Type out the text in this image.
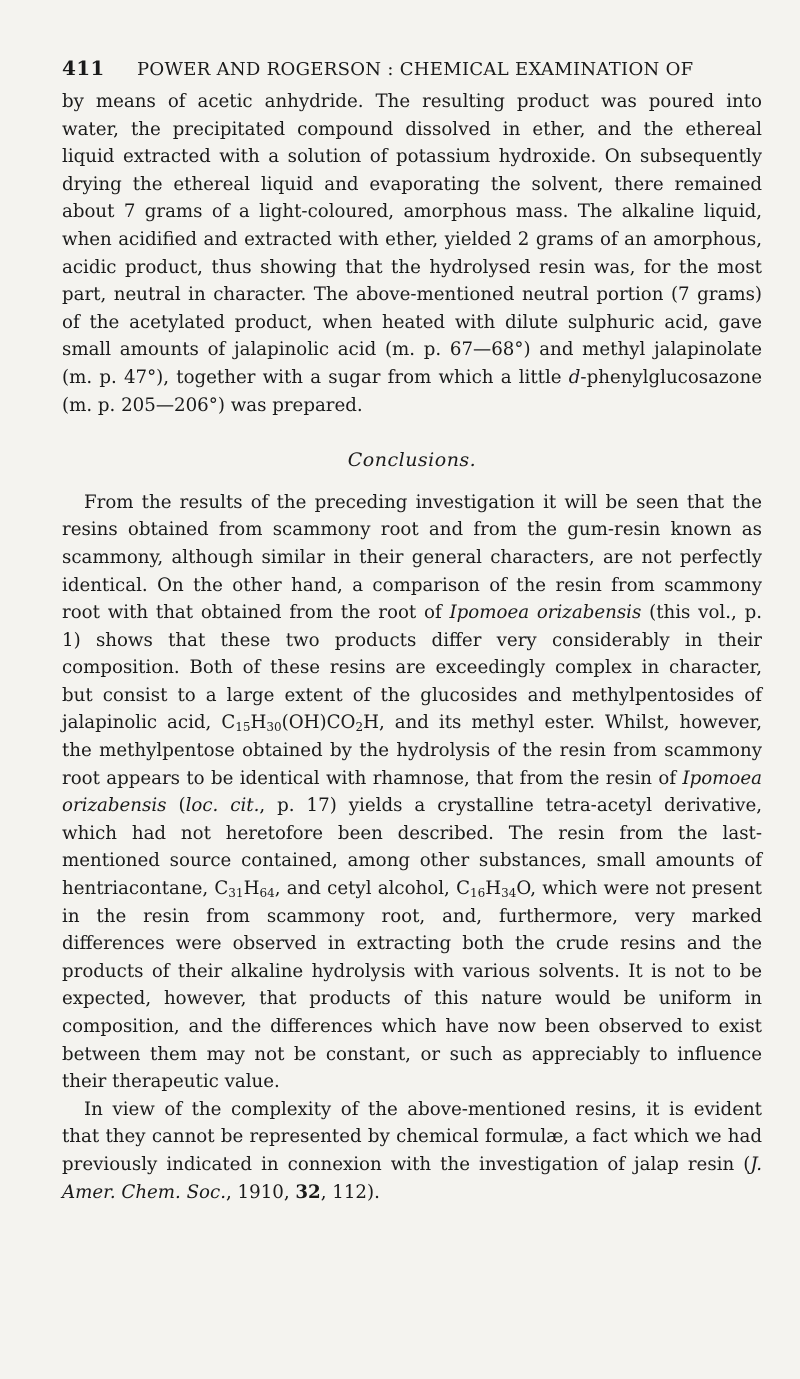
411 POWER AND ROGERSON : CHEMICAL EXAMINATION OF

by means of acetic anhydride. The resulting product was poured into water, the precipitated compound dissolved in ether, and the ethereal liquid extracted with a solution of potassium hydroxide. On subsequently drying the ethereal liquid and evaporating the solvent, there remained about 7 grams of a light-coloured, amorphous mass. The alkaline liquid, when acidified and extracted with ether, yielded 2 grams of an amorphous, acidic product, thus showing that the hydrolysed resin was, for the most part, neutral in character. The above-mentioned neutral portion (7 grams) of the acetylated product, when heated with dilute sulphuric acid, gave small amounts of jalapinolic acid (m. p. 67—68°) and methyl jalapinolate (m. p. 47°), together with a sugar from which a little d-phenylglucosazone (m. p. 205—206°) was prepared.

Conclusions.

From the results of the preceding investigation it will be seen that the resins obtained from scammony root and from the gum-resin known as scammony, although similar in their general characters, are not perfectly identical. On the other hand, a comparison of the resin from scammony root with that obtained from the root of Ipomoea orizabensis (this vol., p. 1) shows that these two products differ very considerably in their composition. Both of these resins are exceedingly complex in character, but consist to a large extent of the glucosides and methylpentosides of jalapinolic acid, $C_{15}H_{30}(OH)CO_2H$, and its methyl ester. Whilst, however, the methylpentose obtained by the hydrolysis of the resin from scammony root appears to be identical with rhamnose, that from the resin of Ipomoea orizabensis (loc. cit., p. 17) yields a crystalline tetra-acetyl derivative, which had not heretofore been described. The resin from the last-mentioned source contained, among other substances, small amounts of hentriacontane, $C_{31}H_{64}$, and cetyl alcohol, $C_{16}H_{34}O$, which were not present in the resin from scammony root, and, furthermore, very marked differences were observed in extracting both the crude resins and the products of their alkaline hydrolysis with various solvents. It is not to be expected, however, that products of this nature would be uniform in composition, and the differences which have now been observed to exist between them may not be constant, or such as appreciably to influence their therapeutic value.

In view of the complexity of the above-mentioned resins, it is evident that they cannot be represented by chemical formulæ, a fact which we had previously indicated in connexion with the investigation of jalap resin (J. Amer. Chem. Soc., 1910, 32, 112).
